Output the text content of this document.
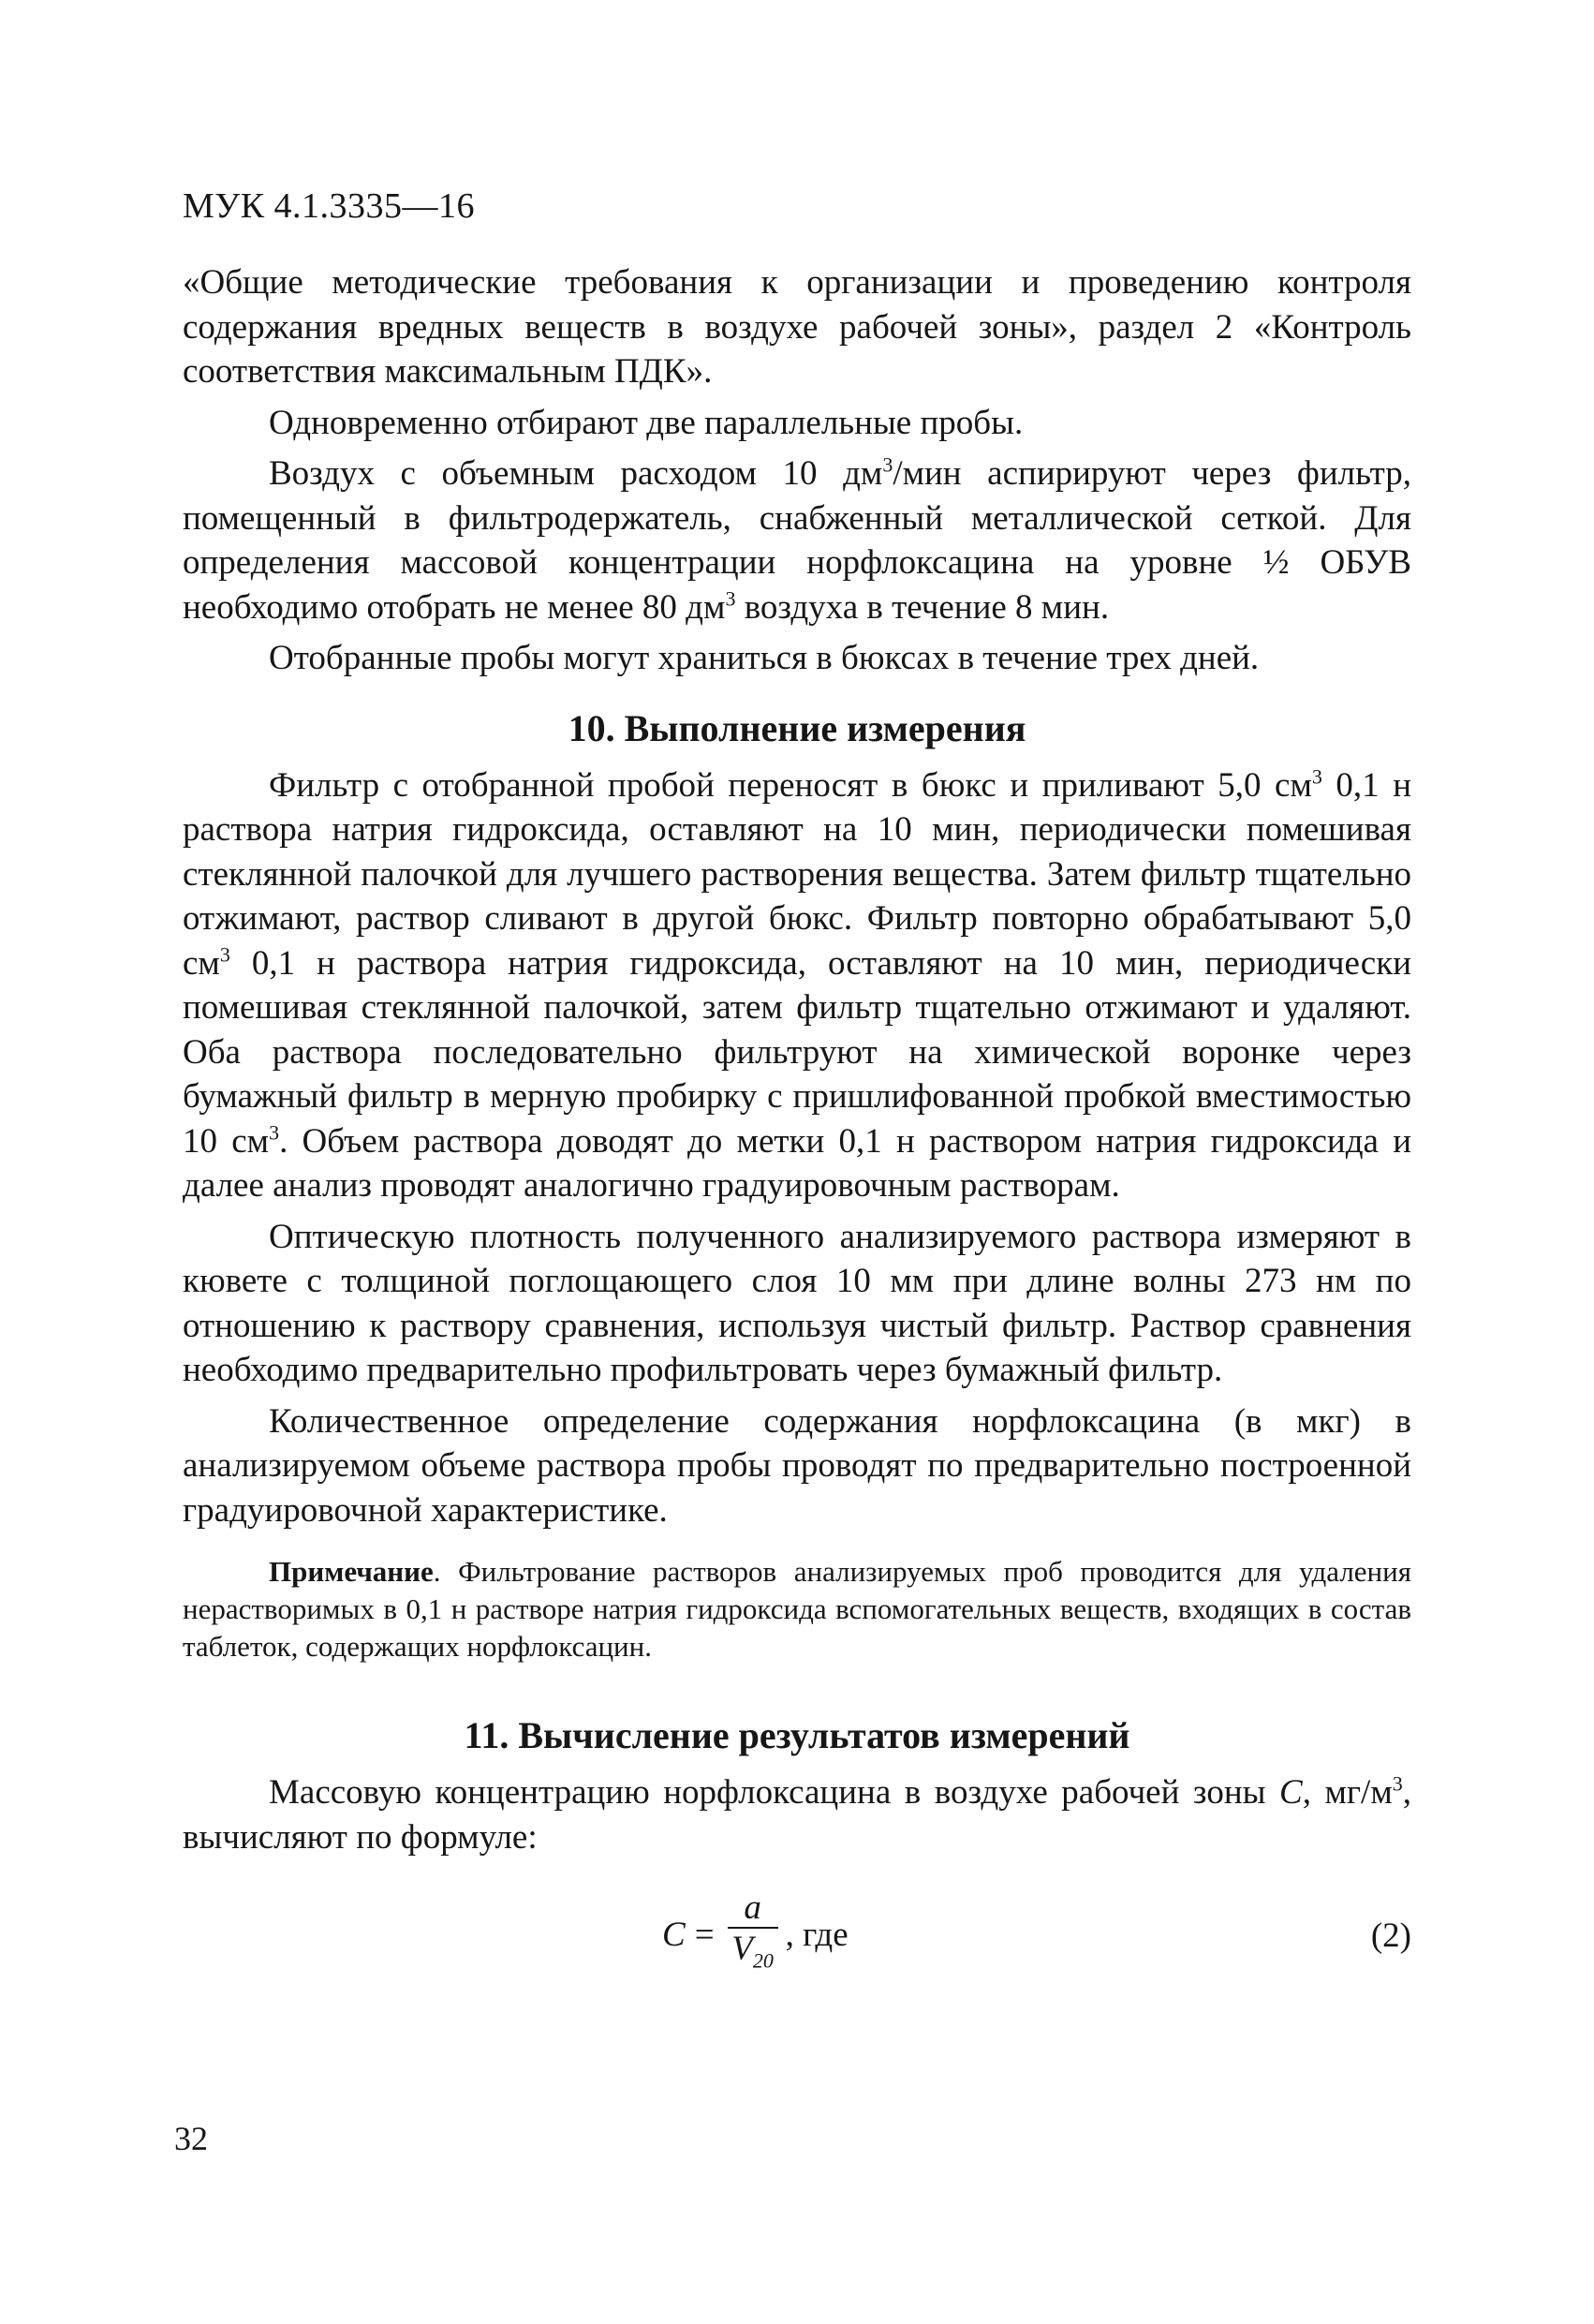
МУК 4.1.3335—16

«Общие методические требования к организации и проведению контроля содержания вредных веществ в воздухе рабочей зоны», раздел 2 «Контроль соответствия максимальным ПДК».

Одновременно отбирают две параллельные пробы.

Воздух с объемным расходом 10 $дм^3$/мин аспирируют через фильтр, помещенный в фильтродержатель, снабженный металлической сеткой. Для определения массовой концентрации норфлоксацина на уровне ½ ОБУВ необходимо отобрать не менее 80 $дм^3$ воздуха в течение 8 мин.

Отобранные пробы могут храниться в бюксах в течение трех дней.

10. Выполнение измерения

Фильтр с отобранной пробой переносят в бюкс и приливают 5,0 $см^3$ 0,1 н раствора натрия гидроксида, оставляют на 10 мин, периодически помешивая стеклянной палочкой для лучшего растворения вещества. Затем фильтр тщательно отжимают, раствор сливают в другой бюкс. Фильтр повторно обрабатывают 5,0 $см^3$ 0,1 н раствора натрия гидроксида, оставляют на 10 мин, периодически помешивая стеклянной палочкой, затем фильтр тщательно отжимают и удаляют. Оба раствора последовательно фильтруют на химической воронке через бумажный фильтр в мерную пробирку с пришлифованной пробкой вместимостью 10 $см^3$. Объем раствора доводят до метки 0,1 н раствором натрия гидроксида и далее анализ проводят аналогично градуировочным растворам.

Оптическую плотность полученного анализируемого раствора измеряют в кювете с толщиной поглощающего слоя 10 мм при длине волны 273 нм по отношению к раствору сравнения, используя чистый фильтр. Раствор сравнения необходимо предварительно профильтровать через бумажный фильтр.

Количественное определение содержания норфлоксацина (в мкг) в анализируемом объеме раствора пробы проводят по предварительно построенной градуировочной характеристике.

Примечание. Фильтрование растворов анализируемых проб проводится для удаления нерастворимых в 0,1 н растворе натрия гидроксида вспомогательных веществ, входящих в состав таблеток, содержащих норфлоксацин.

11. Вычисление результатов измерений

Массовую концентрацию норфлоксацина в воздухе рабочей зоны С, $мг/м^3$, вычисляют по формуле:

$С = \frac{a}{V_{20}}$ , где	(2)
32
